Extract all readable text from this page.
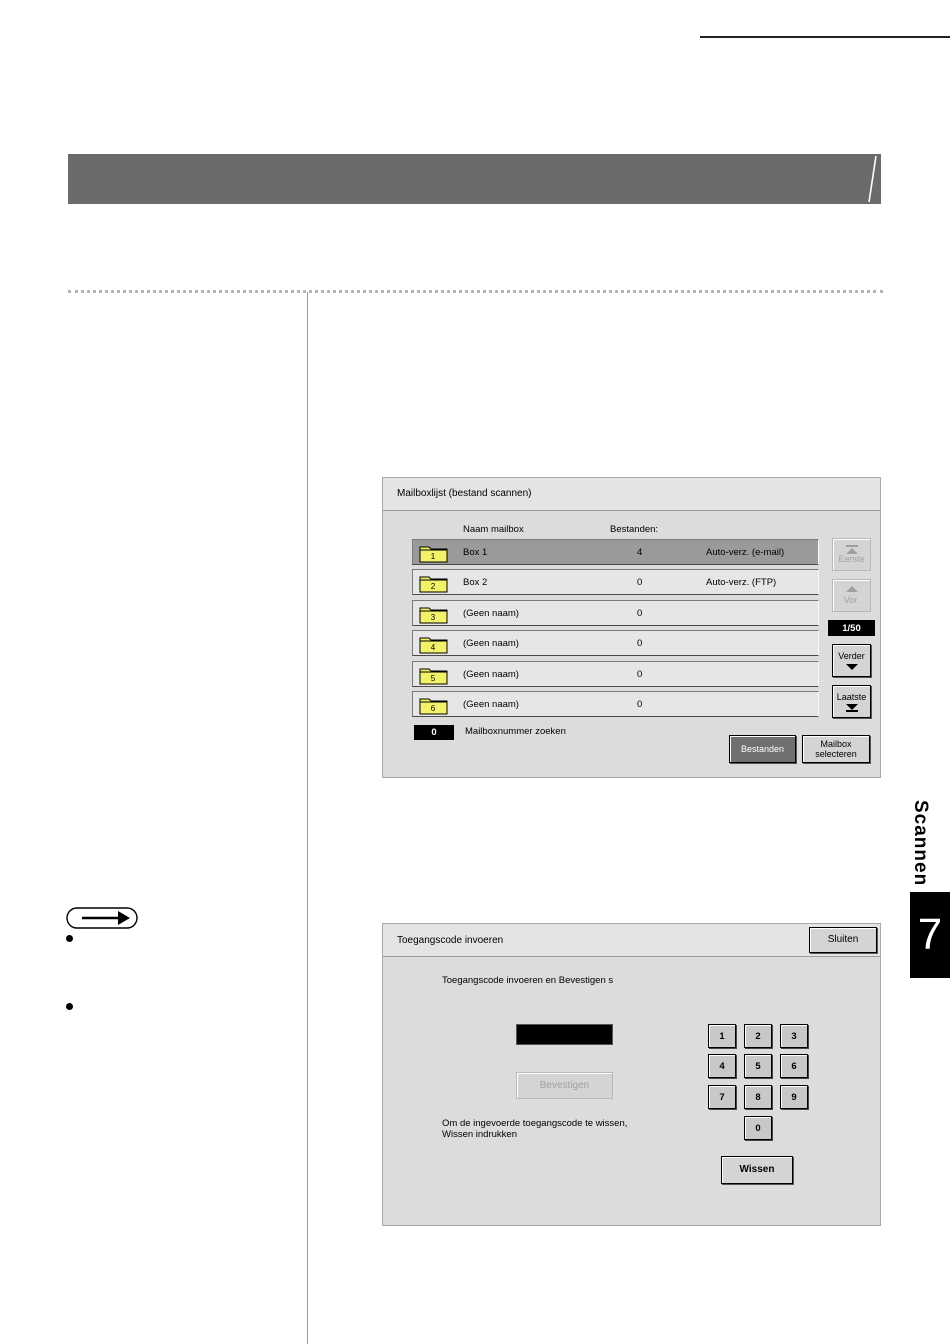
Scannen
7
Mailboxlijst (bestand scannen)
Naam mailbox	Bestanden:
1	Box 1	4	Auto-verz. (e-mail)
2	Box 2	0	Auto-verz. (FTP)
3	(Geen naam)	0
4	(Geen naam)	0
5	(Geen naam)	0
6	(Geen naam)	0
Eerste
Vor.
1/50
Verder
Laatste
0	Mailboxnummer zoeken
Bestanden	Mailbox
selecteren
Toegangscode invoeren	Sluiten
Toegangscode invoeren en Bevestigen s
Bevestigen
Om de ingevoerde toegangscode te wissen,
Wissen indrukken
1	2	3
4	5	6
7	8	9
0
Wissen
